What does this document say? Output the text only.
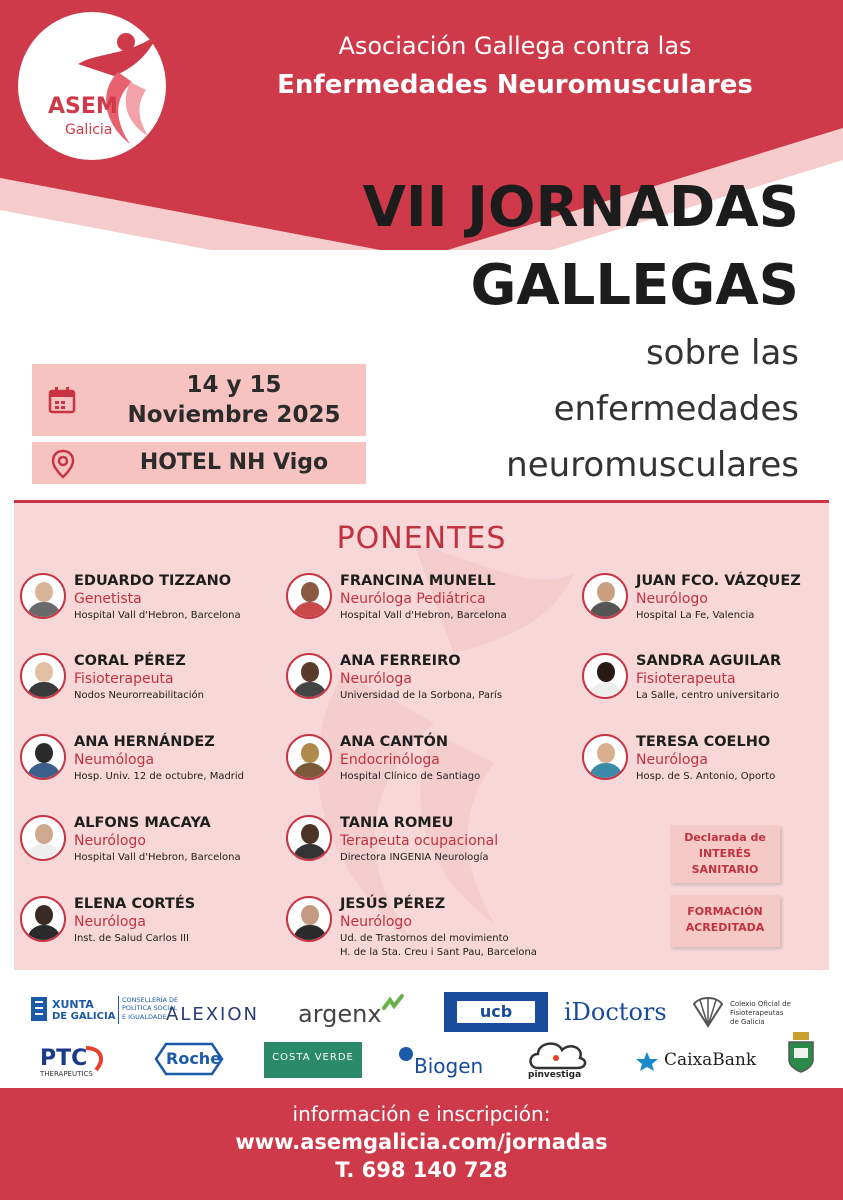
ASEM
Galicia
Asociación Gallega contra las
Enfermedades Neuromusculares
VII JORNADAS
GALLEGAS
sobre las
enfermedades
neuromusculares
14 y 15
Noviembre 2025
HOTEL NH Vigo
PONENTES
EDUARDO TIZZANO
Genetista
Hospital Vall d'Hebron, Barcelona
CORAL PÉREZ
Fisioterapeuta
Nodos Neurorreabilitación
ANA HERNÁNDEZ
Neumóloga
Hosp. Univ. 12 de octubre, Madrid
ALFONS MACAYA
Neurólogo
Hospital Vall d'Hebron, Barcelona
ELENA CORTÉS
Neuróloga
Inst. de Salud Carlos III
FRANCINA MUNELL
Neuróloga Pediátrica
Hospital Vall d'Hebron, Barcelona
ANA FERREIRO
Neuróloga
Universidad de la Sorbona, París
ANA CANTÓN
Endocrinóloga
Hospital Clínico de Santiago
TANIA ROMEU
Terapeuta ocupacional
Directora INGENIA Neurología
JESÚS PÉREZ
Neurólogo
Ud. de Trastornos del movimiento
H. de la Sta. Creu i Sant Pau, Barcelona
JUAN FCO. VÁZQUEZ
Neurólogo
Hospital La Fe, Valencia
SANDRA AGUILAR
Fisioterapeuta
La Salle, centro universitario
TERESA COELHO
Neuróloga
Hosp. de S. Antonio, Oporto
Declarada de
INTERÉS
SANITARIO
FORMACIÓN
ACREDITADA
XUNTA
DE GALICIA
CONSELLERÍA DE
POLÍTICA SOCIAL
E IGUALDADE ALEXION argenx	ucb	iDoctors	Colexio Oficial de
Fisioterapeutas
de Galicia
PTC
THERAPEUTICS
Roche	COSTA VERDE	Biogen	pinvestiga
CaixaBank
información e inscripción:
www.asemgalicia.com/jornadas
T. 698 140 728
